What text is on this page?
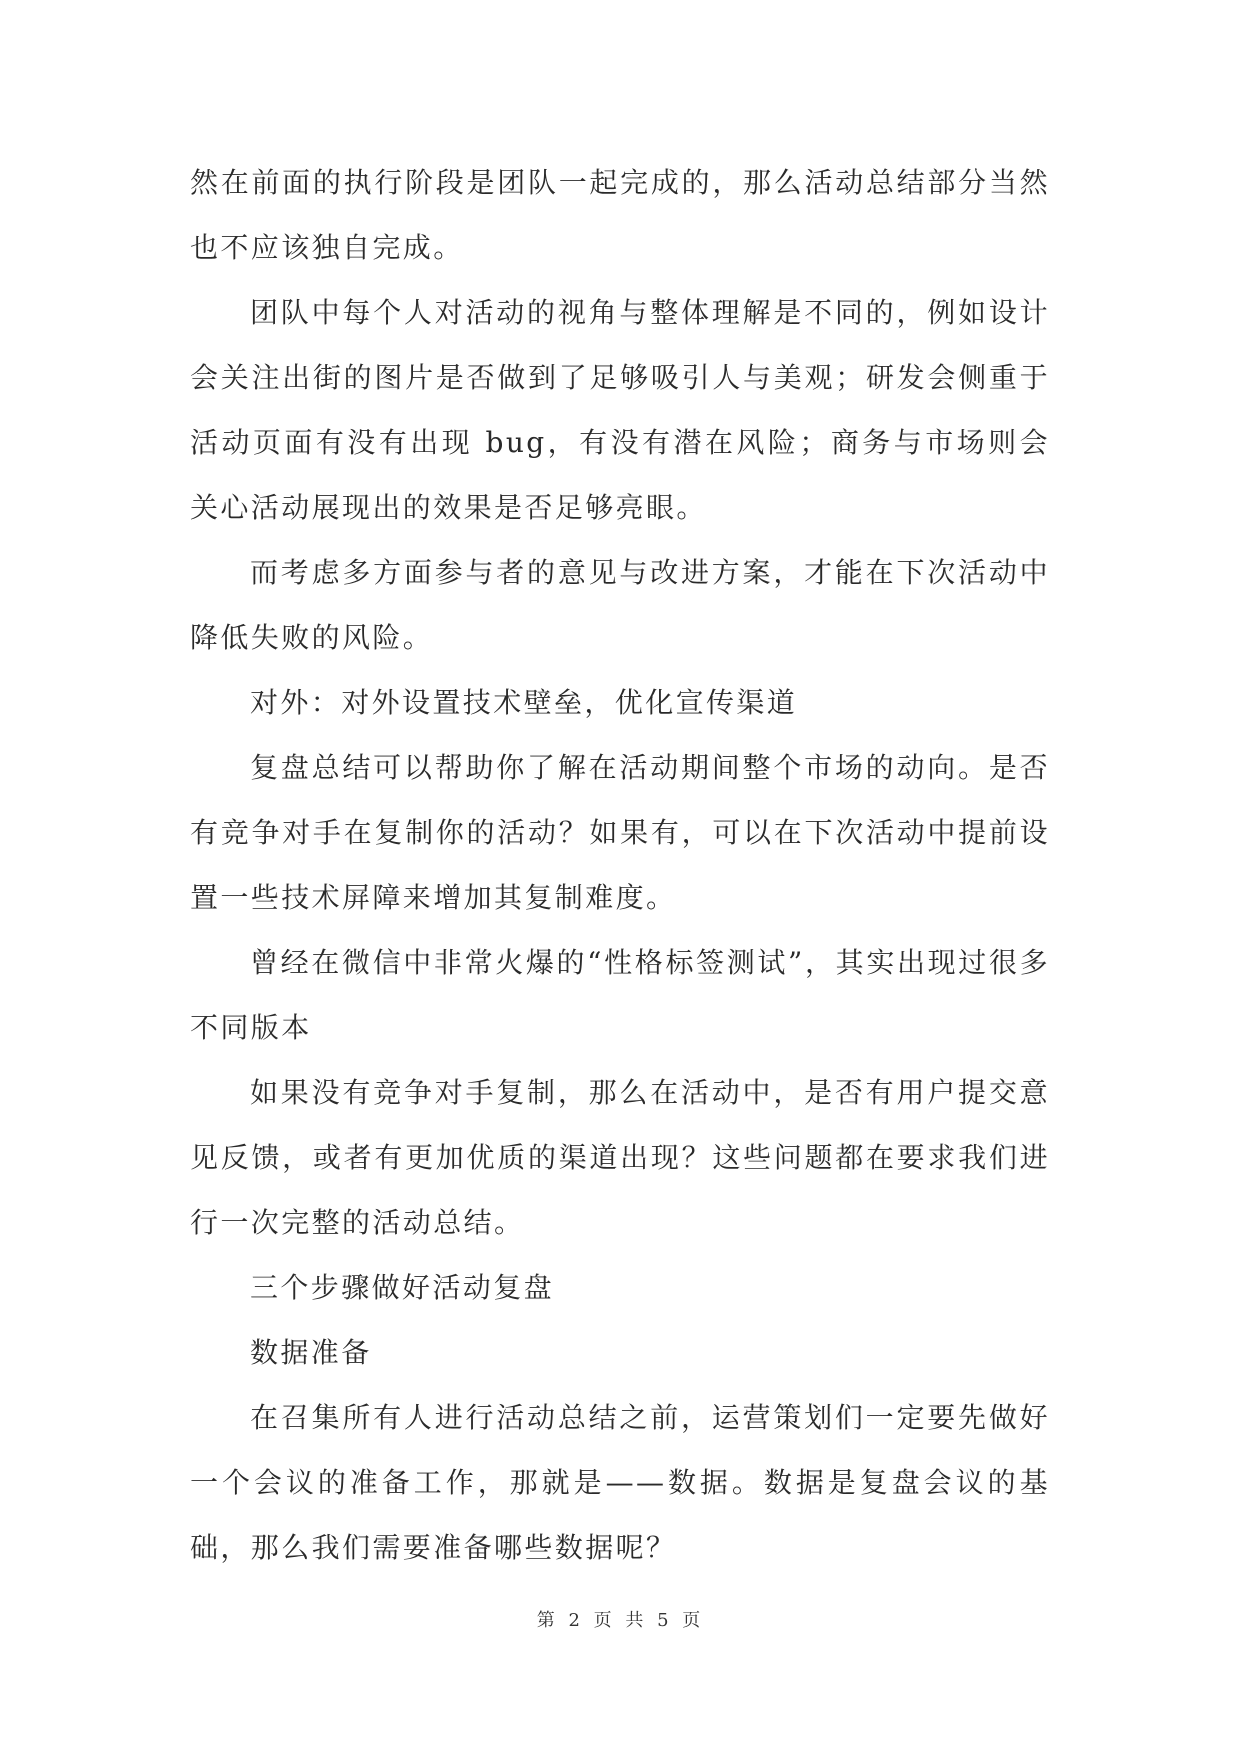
然在前面的执行阶段是团队一起完成的，那么活动总结部分当然也不应该独自完成。

团队中每个人对活动的视角与整体理解是不同的，例如设计会关注出街的图片是否做到了足够吸引人与美观；研发会侧重于活动页面有没有出现 bug，有没有潜在风险；商务与市场则会关心活动展现出的效果是否足够亮眼。

而考虑多方面参与者的意见与改进方案，才能在下次活动中降低失败的风险。

对外：对外设置技术壁垒，优化宣传渠道

复盘总结可以帮助你了解在活动期间整个市场的动向。是否有竞争对手在复制你的活动？如果有，可以在下次活动中提前设置一些技术屏障来增加其复制难度。

曾经在微信中非常火爆的“性格标签测试”，其实出现过很多不同版本

如果没有竞争对手复制，那么在活动中，是否有用户提交意见反馈，或者有更加优质的渠道出现？这些问题都在要求我们进行一次完整的活动总结。

三个步骤做好活动复盘

数据准备

在召集所有人进行活动总结之前，运营策划们一定要先做好一个会议的准备工作，那就是——数据。数据是复盘会议的基础，那么我们需要准备哪些数据呢？

第 2 页 共 5 页
